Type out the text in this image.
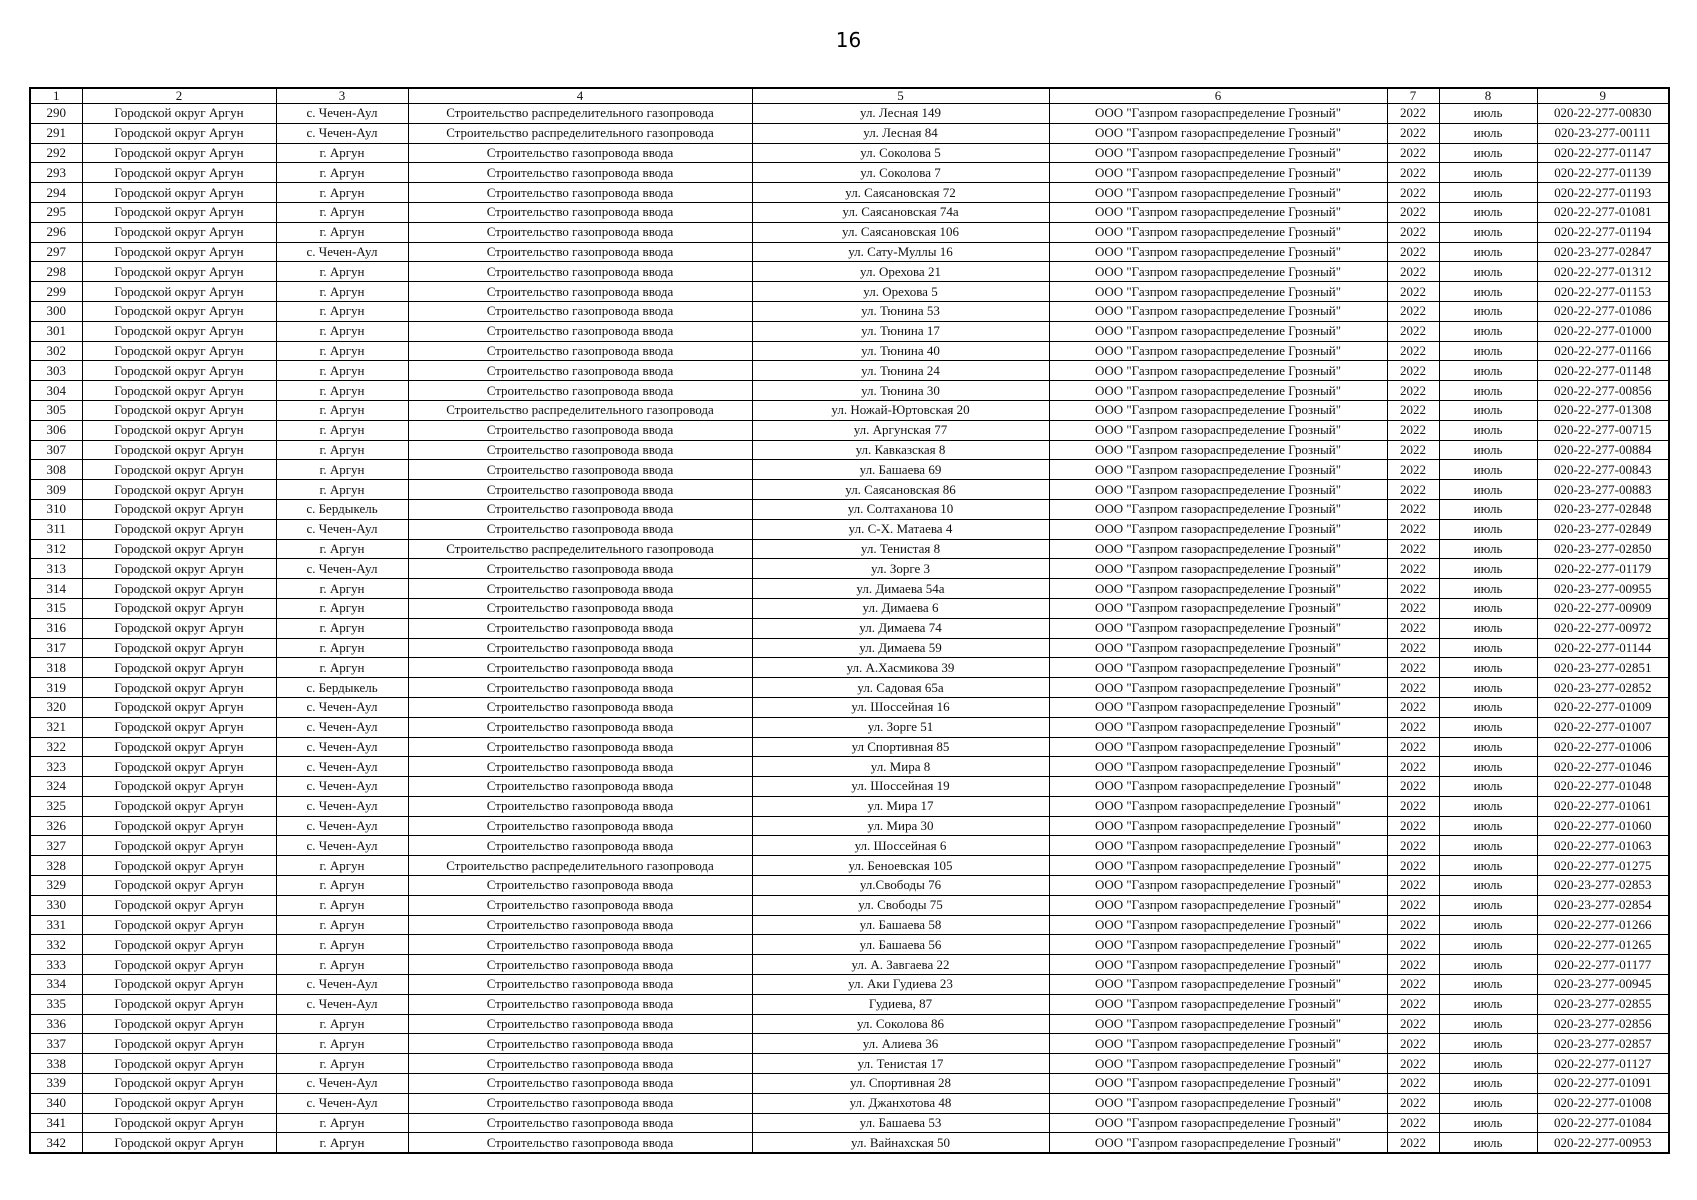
16
1	2	3	4	5	6	7	8	9
290	Городской округ Аргун	с. Чечен-Аул	Строительство распределительного газопровода	ул. Лесная 149	ООО "Газпром газораспределение Грозный"	2022	июль	020-22-277-00830
291	Городской округ Аргун	с. Чечен-Аул	Строительство распределительного газопровода	ул. Лесная 84	ООО "Газпром газораспределение Грозный"	2022	июль	020-23-277-00111
292	Городской округ Аргун	г. Аргун	Строительство газопровода ввода	ул. Соколова 5	ООО "Газпром газораспределение Грозный"	2022	июль	020-22-277-01147
293	Городской округ Аргун	г. Аргун	Строительство газопровода ввода	ул. Соколова 7	ООО "Газпром газораспределение Грозный"	2022	июль	020-22-277-01139
294	Городской округ Аргун	г. Аргун	Строительство газопровода ввода	ул. Саясановская 72	ООО "Газпром газораспределение Грозный"	2022	июль	020-22-277-01193
295	Городской округ Аргун	г. Аргун	Строительство газопровода ввода	ул. Саясановская 74а	ООО "Газпром газораспределение Грозный"	2022	июль	020-22-277-01081
296	Городской округ Аргун	г. Аргун	Строительство газопровода ввода	ул. Саясановская 106	ООО "Газпром газораспределение Грозный"	2022	июль	020-22-277-01194
297	Городской округ Аргун	с. Чечен-Аул	Строительство газопровода ввода	ул. Сату-Муллы 16	ООО "Газпром газораспределение Грозный"	2022	июль	020-23-277-02847
298	Городской округ Аргун	г. Аргун	Строительство газопровода ввода	ул. Орехова 21	ООО "Газпром газораспределение Грозный"	2022	июль	020-22-277-01312
299	Городской округ Аргун	г. Аргун	Строительство газопровода ввода	ул. Орехова 5	ООО "Газпром газораспределение Грозный"	2022	июль	020-22-277-01153
300	Городской округ Аргун	г. Аргун	Строительство газопровода ввода	ул. Тюнина 53	ООО "Газпром газораспределение Грозный"	2022	июль	020-22-277-01086
301	Городской округ Аргун	г. Аргун	Строительство газопровода ввода	ул. Тюнина 17	ООО "Газпром газораспределение Грозный"	2022	июль	020-22-277-01000
302	Городской округ Аргун	г. Аргун	Строительство газопровода ввода	ул. Тюнина 40	ООО "Газпром газораспределение Грозный"	2022	июль	020-22-277-01166
303	Городской округ Аргун	г. Аргун	Строительство газопровода ввода	ул. Тюнина 24	ООО "Газпром газораспределение Грозный"	2022	июль	020-22-277-01148
304	Городской округ Аргун	г. Аргун	Строительство газопровода ввода	ул. Тюнина 30	ООО "Газпром газораспределение Грозный"	2022	июль	020-22-277-00856
305	Городской округ Аргун	г. Аргун	Строительство распределительного газопровода	ул. Ножай-Юртовская 20	ООО "Газпром газораспределение Грозный"	2022	июль	020-22-277-01308
306	Городской округ Аргун	г. Аргун	Строительство газопровода ввода	ул. Аргунская 77	ООО "Газпром газораспределение Грозный"	2022	июль	020-22-277-00715
307	Городской округ Аргун	г. Аргун	Строительство газопровода ввода	ул. Кавказская 8	ООО "Газпром газораспределение Грозный"	2022	июль	020-22-277-00884
308	Городской округ Аргун	г. Аргун	Строительство газопровода ввода	ул. Башаева 69	ООО "Газпром газораспределение Грозный"	2022	июль	020-22-277-00843
309	Городской округ Аргун	г. Аргун	Строительство газопровода ввода	ул. Саясановская 86	ООО "Газпром газораспределение Грозный"	2022	июль	020-23-277-00883
310	Городской округ Аргун	с. Бердыкель	Строительство газопровода ввода	ул. Солтаханова 10	ООО "Газпром газораспределение Грозный"	2022	июль	020-23-277-02848
311	Городской округ Аргун	с. Чечен-Аул	Строительство газопровода ввода	ул. С-Х. Матаева 4	ООО "Газпром газораспределение Грозный"	2022	июль	020-23-277-02849
312	Городской округ Аргун	г. Аргун	Строительство распределительного газопровода	ул. Тенистая 8	ООО "Газпром газораспределение Грозный"	2022	июль	020-23-277-02850
313	Городской округ Аргун	с. Чечен-Аул	Строительство газопровода ввода	ул. Зорге 3	ООО "Газпром газораспределение Грозный"	2022	июль	020-22-277-01179
314	Городской округ Аргун	г. Аргун	Строительство газопровода ввода	ул. Димаева 54а	ООО "Газпром газораспределение Грозный"	2022	июль	020-23-277-00955
315	Городской округ Аргун	г. Аргун	Строительство газопровода ввода	ул. Димаева 6	ООО "Газпром газораспределение Грозный"	2022	июль	020-22-277-00909
316	Городской округ Аргун	г. Аргун	Строительство газопровода ввода	ул. Димаева 74	ООО "Газпром газораспределение Грозный"	2022	июль	020-22-277-00972
317	Городской округ Аргун	г. Аргун	Строительство газопровода ввода	ул. Димаева 59	ООО "Газпром газораспределение Грозный"	2022	июль	020-22-277-01144
318	Городской округ Аргун	г. Аргун	Строительство газопровода ввода	ул. А.Хасмикова 39	ООО "Газпром газораспределение Грозный"	2022	июль	020-23-277-02851
319	Городской округ Аргун	с. Бердыкель	Строительство газопровода ввода	ул. Садовая 65а	ООО "Газпром газораспределение Грозный"	2022	июль	020-23-277-02852
320	Городской округ Аргун	с. Чечен-Аул	Строительство газопровода ввода	ул. Шоссейная 16	ООО "Газпром газораспределение Грозный"	2022	июль	020-22-277-01009
321	Городской округ Аргун	с. Чечен-Аул	Строительство газопровода ввода	ул. Зорге 51	ООО "Газпром газораспределение Грозный"	2022	июль	020-22-277-01007
322	Городской округ Аргун	с. Чечен-Аул	Строительство газопровода ввода	ул Спортивная 85	ООО "Газпром газораспределение Грозный"	2022	июль	020-22-277-01006
323	Городской округ Аргун	с. Чечен-Аул	Строительство газопровода ввода	ул. Мира 8	ООО "Газпром газораспределение Грозный"	2022	июль	020-22-277-01046
324	Городской округ Аргун	с. Чечен-Аул	Строительство газопровода ввода	ул. Шоссейная 19	ООО "Газпром газораспределение Грозный"	2022	июль	020-22-277-01048
325	Городской округ Аргун	с. Чечен-Аул	Строительство газопровода ввода	ул. Мира 17	ООО "Газпром газораспределение Грозный"	2022	июль	020-22-277-01061
326	Городской округ Аргун	с. Чечен-Аул	Строительство газопровода ввода	ул. Мира 30	ООО "Газпром газораспределение Грозный"	2022	июль	020-22-277-01060
327	Городской округ Аргун	с. Чечен-Аул	Строительство газопровода ввода	ул. Шоссейная 6	ООО "Газпром газораспределение Грозный"	2022	июль	020-22-277-01063
328	Городской округ Аргун	г. Аргун	Строительство распределительного газопровода	ул. Беноевская 105	ООО "Газпром газораспределение Грозный"	2022	июль	020-22-277-01275
329	Городской округ Аргун	г. Аргун	Строительство газопровода ввода	ул.Свободы 76	ООО "Газпром газораспределение Грозный"	2022	июль	020-23-277-02853
330	Городской округ Аргун	г. Аргун	Строительство газопровода ввода	ул. Свободы 75	ООО "Газпром газораспределение Грозный"	2022	июль	020-23-277-02854
331	Городской округ Аргун	г. Аргун	Строительство газопровода ввода	ул. Башаева 58	ООО "Газпром газораспределение Грозный"	2022	июль	020-22-277-01266
332	Городской округ Аргун	г. Аргун	Строительство газопровода ввода	ул. Башаева 56	ООО "Газпром газораспределение Грозный"	2022	июль	020-22-277-01265
333	Городской округ Аргун	г. Аргун	Строительство газопровода ввода	ул. А. Завгаева 22	ООО "Газпром газораспределение Грозный"	2022	июль	020-22-277-01177
334	Городской округ Аргун	с. Чечен-Аул	Строительство газопровода ввода	ул. Аки Гудиева 23	ООО "Газпром газораспределение Грозный"	2022	июль	020-23-277-00945
335	Городской округ Аргун	с. Чечен-Аул	Строительство газопровода ввода	Гудиева, 87	ООО "Газпром газораспределение Грозный"	2022	июль	020-23-277-02855
336	Городской округ Аргун	г. Аргун	Строительство газопровода ввода	ул. Соколова 86	ООО "Газпром газораспределение Грозный"	2022	июль	020-23-277-02856
337	Городской округ Аргун	г. Аргун	Строительство газопровода ввода	ул. Алиева 36	ООО "Газпром газораспределение Грозный"	2022	июль	020-23-277-02857
338	Городской округ Аргун	г. Аргун	Строительство газопровода ввода	ул. Тенистая 17	ООО "Газпром газораспределение Грозный"	2022	июль	020-22-277-01127
339	Городской округ Аргун	с. Чечен-Аул	Строительство газопровода ввода	ул. Спортивная 28	ООО "Газпром газораспределение Грозный"	2022	июль	020-22-277-01091
340	Городской округ Аргун	с. Чечен-Аул	Строительство газопровода ввода	ул. Джанхотова 48	ООО "Газпром газораспределение Грозный"	2022	июль	020-22-277-01008
341	Городской округ Аргун	г. Аргун	Строительство газопровода ввода	ул. Башаева 53	ООО "Газпром газораспределение Грозный"	2022	июль	020-22-277-01084
342	Городской округ Аргун	г. Аргун	Строительство газопровода ввода	ул. Вайнахская 50	ООО "Газпром газораспределение Грозный"	2022	июль	020-22-277-00953
